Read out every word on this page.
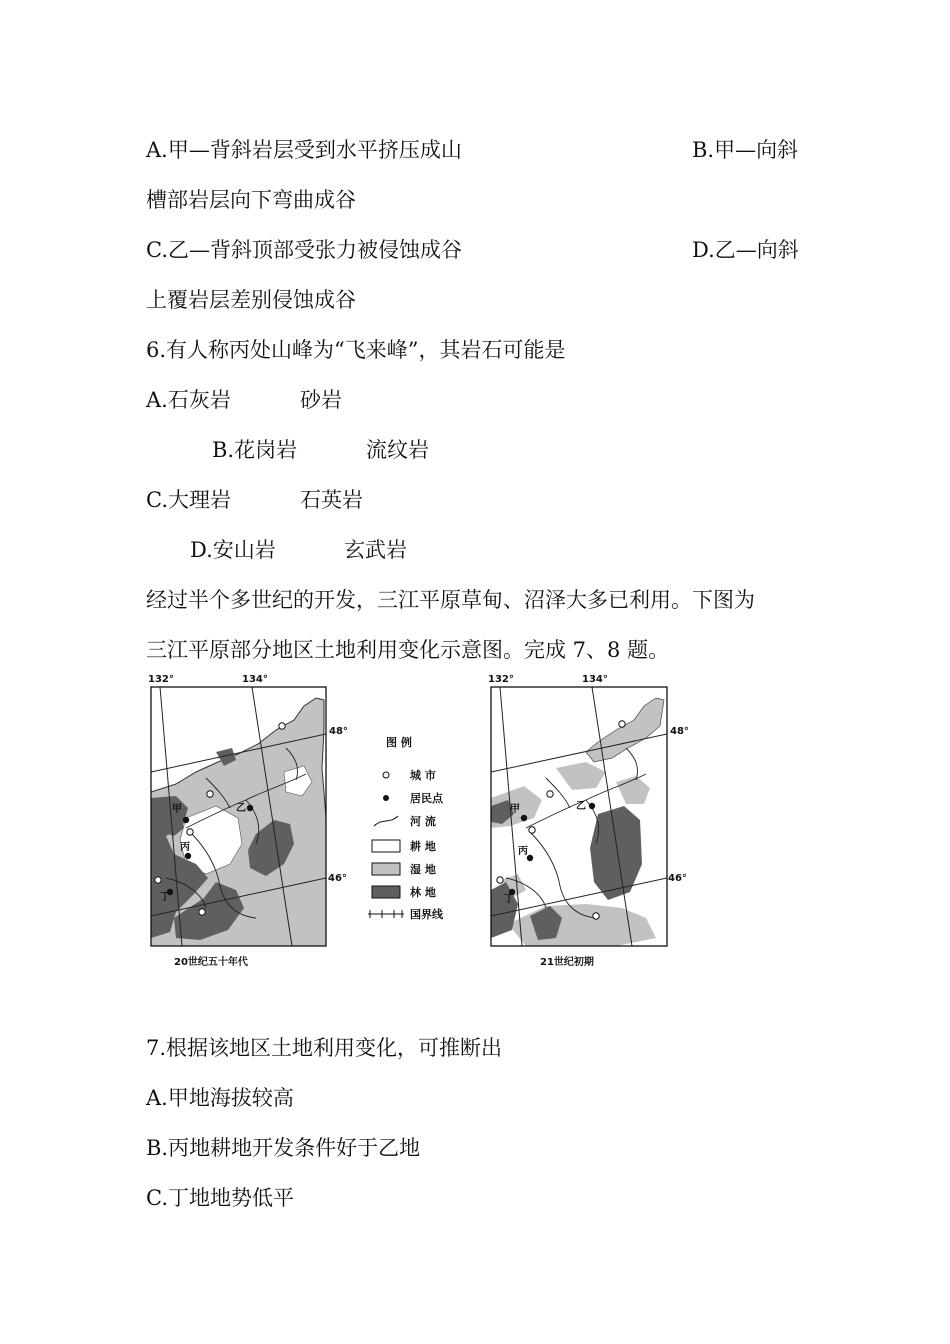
A.甲—背斜岩层受到水平挤压成山	B.甲—向斜
槽部岩层向下弯曲成谷
C.乙—背斜顶部受张力被侵蚀成谷	D.乙—向斜
上覆岩层差别侵蚀成谷
6.有人称丙处山峰为“飞来峰”，其岩石可能是
A.石灰岩	砂岩
B.花岗岩	流纹岩
C.大理岩	石英岩
D.安山岩	玄武岩
经过半个多世纪的开发，三江平原草甸、沼泽大多已利用。下图为
三江平原部分地区土地利用变化示意图。完成 7、8 题。
甲	乙
丙
丁
132°	134°
48°
46°
20世纪五十年代
图 例
城 市
居民点
河 流
耕 地
湿 地
林 地
国界线
甲	乙
丙
丁
132°	134°
48°
46°
21世纪初期
7.根据该地区土地利用变化，可推断出
A.甲地海拔较高
B.丙地耕地开发条件好于乙地
C.丁地地势低平
